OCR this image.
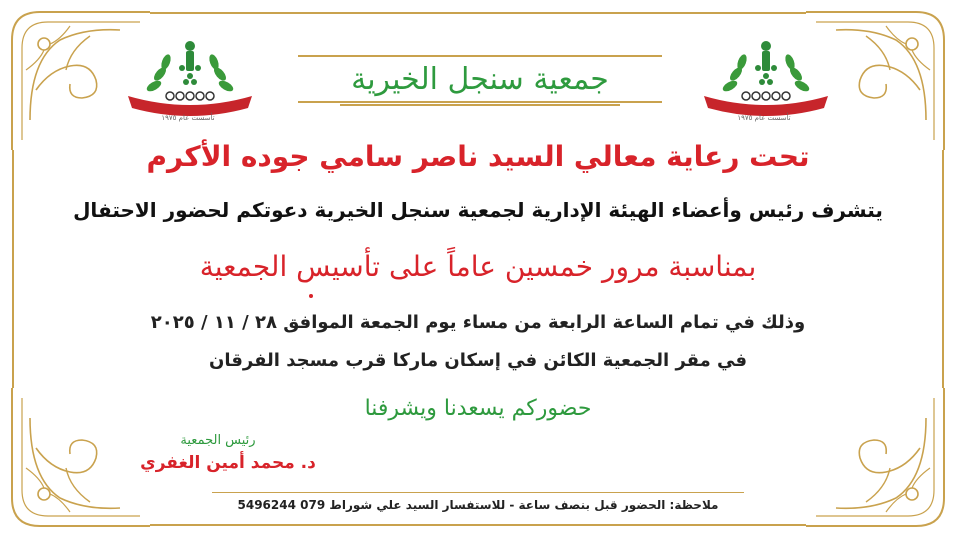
تأسست عام ١٩٧٥	تأسست عام ١٩٧٥
جمعية سنجل الخيرية
تحت رعاية معالي السيد ناصر سامي جوده الأكرم
يتشرف رئيس وأعضاء الهيئة الإدارية لجمعية سنجل الخيرية دعوتكم لحضور الاحتفال
بمناسبة مرور خمسين عاماً على تأسيس الجمعية
وذلك في تمام الساعة الرابعة من مساء يوم الجمعة الموافق ٢٨ / ١١ / ٢٠٢٥
في مقر الجمعية الكائن في إسكان ماركا قرب مسجد الفرقان
حضوركم يسعدنا ويشرفنا
رئيس الجمعية
د. محمد أمين الغفري
ملاحظة: الحضور قبل بنصف ساعة - للاستفسار السيد علي شوراط 079 5496244
